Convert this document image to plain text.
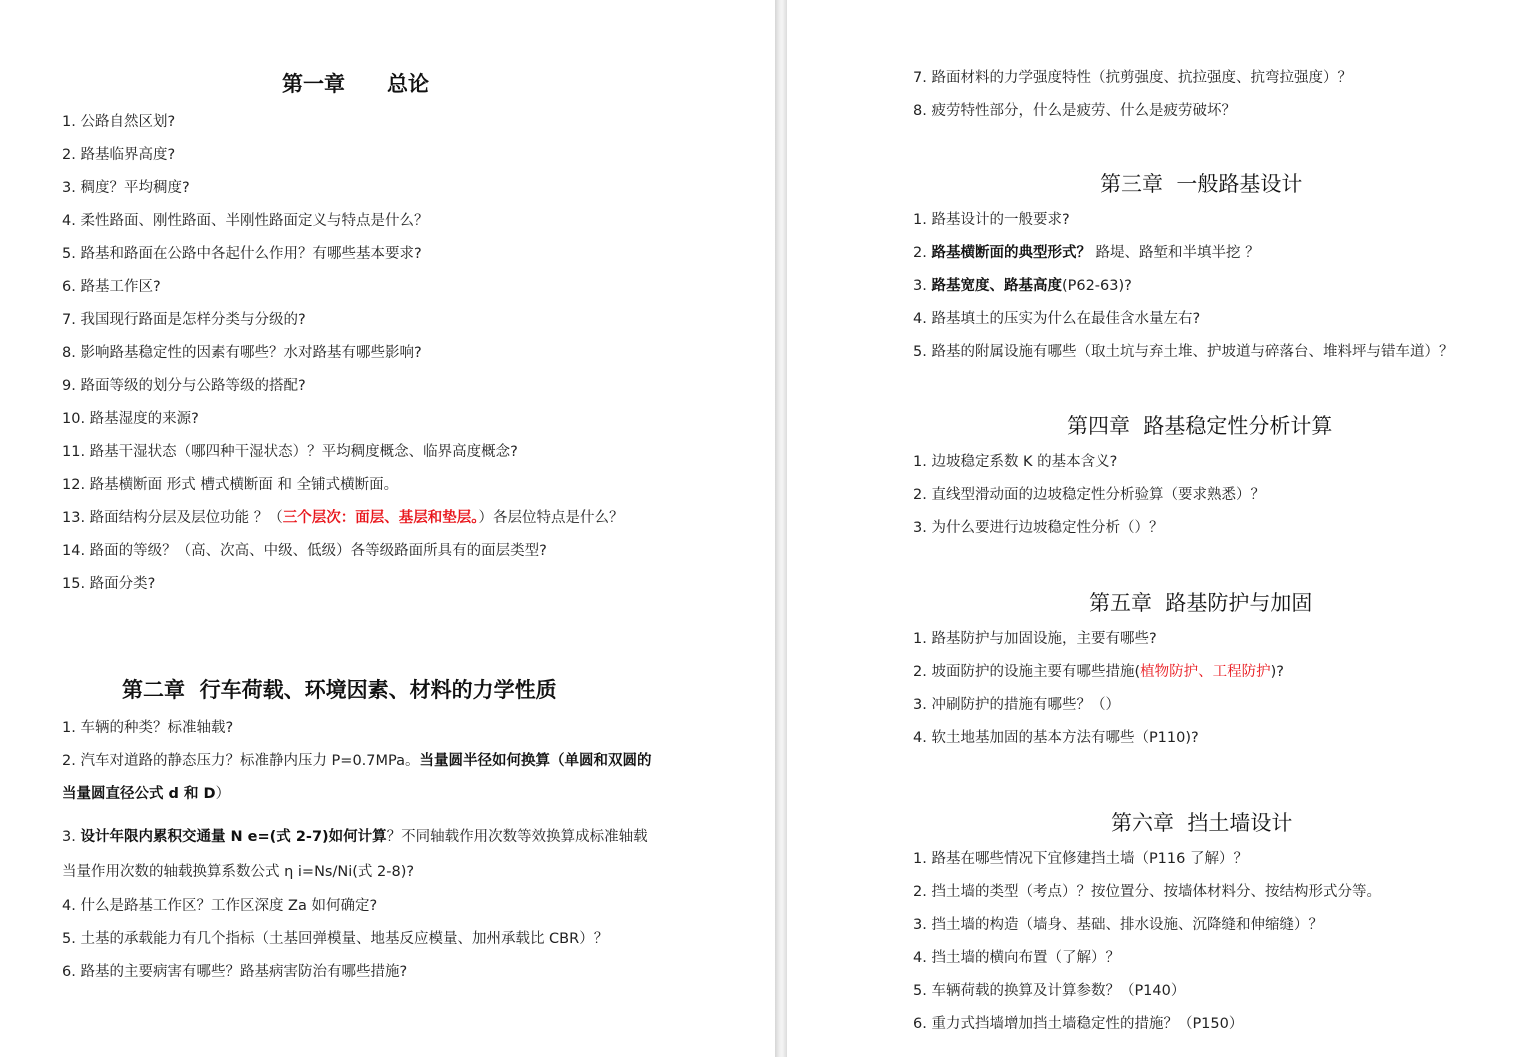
第一章　　总论
1. 公路自然区划?
2. 路基临界高度?
3. 稠度？平均稠度?
4. 柔性路面、刚性路面、半刚性路面定义与特点是什么？
5. 路基和路面在公路中各起什么作用？有哪些基本要求?
6. 路基工作区?
7. 我国现行路面是怎样分类与分级的?
8. 影响路基稳定性的因素有哪些？水对路基有哪些影响?
9. 路面等级的划分与公路等级的搭配?
10. 路基湿度的来源?
11. 路基干湿状态（哪四种干湿状态）？平均稠度概念、临界高度概念?
12. 路基横断面 形式 槽式横断面 和 全铺式横断面。
13. 路面结构分层及层位功能 ？（三个层次：面层、基层和垫层。）各层位特点是什么？
14. 路面的等级？（高、次高、中级、低级）各等级路面所具有的面层类型?
15. 路面分类?
第二章  行车荷载、环境因素、材料的力学性质
1. 车辆的种类？标准轴载?
2. 汽车对道路的静态压力？标准静内压力 P=0.7MPa。当量圆半径如何换算（单圆和双圆的当量圆直径公式 d 和 D）
3. 设计年限内累积交通量 N e=(式 2-7)如何计算？不同轴载作用次数等效换算成标准轴载当量作用次数的轴载换算系数公式 η i=Ns/Ni(式 2-8)?
4. 什么是路基工作区？工作区深度 Za 如何确定?
5. 土基的承载能力有几个指标（土基回弹模量、地基反应模量、加州承载比 CBR）？
6. 路基的主要病害有哪些？路基病害防治有哪些措施?
7. 路面材料的力学强度特性（抗剪强度、抗拉强度、抗弯拉强度）？
8. 疲劳特性部分，什么是疲劳、什么是疲劳破坏？
第三章  一般路基设计
1. 路基设计的一般要求?
2. 路基横断面的典型形式？ 路堤、路堑和半填半挖 ？
3. 路基宽度、路基高度(P62-63)?
4. 路基填土的压实为什么在最佳含水量左右?
5. 路基的附属设施有哪些（取土坑与弃土堆、护坡道与碎落台、堆料坪与错车道）？
第四章  路基稳定性分析计算
1. 边坡稳定系数 K 的基本含义?
2. 直线型滑动面的边坡稳定性分析验算（要求熟悉）？
3. 为什么要进行边坡稳定性分析（）？
第五章  路基防护与加固
1. 路基防护与加固设施，主要有哪些?
2. 坡面防护的设施主要有哪些措施(植物防护、工程防护)?
3. 冲刷防护的措施有哪些？（）
4. 软土地基加固的基本方法有哪些（P110)?
第六章  挡土墙设计
1. 路基在哪些情况下宜修建挡土墙（P116 了解）？
2. 挡土墙的类型（考点）？按位置分、按墙体材料分、按结构形式分等。
3. 挡土墙的构造（墙身、基础、排水设施、沉降缝和伸缩缝）？
4. 挡土墙的横向布置（了解）？
5. 车辆荷载的换算及计算参数？（P140）
6. 重力式挡墙增加挡土墙稳定性的措施？（P150）
